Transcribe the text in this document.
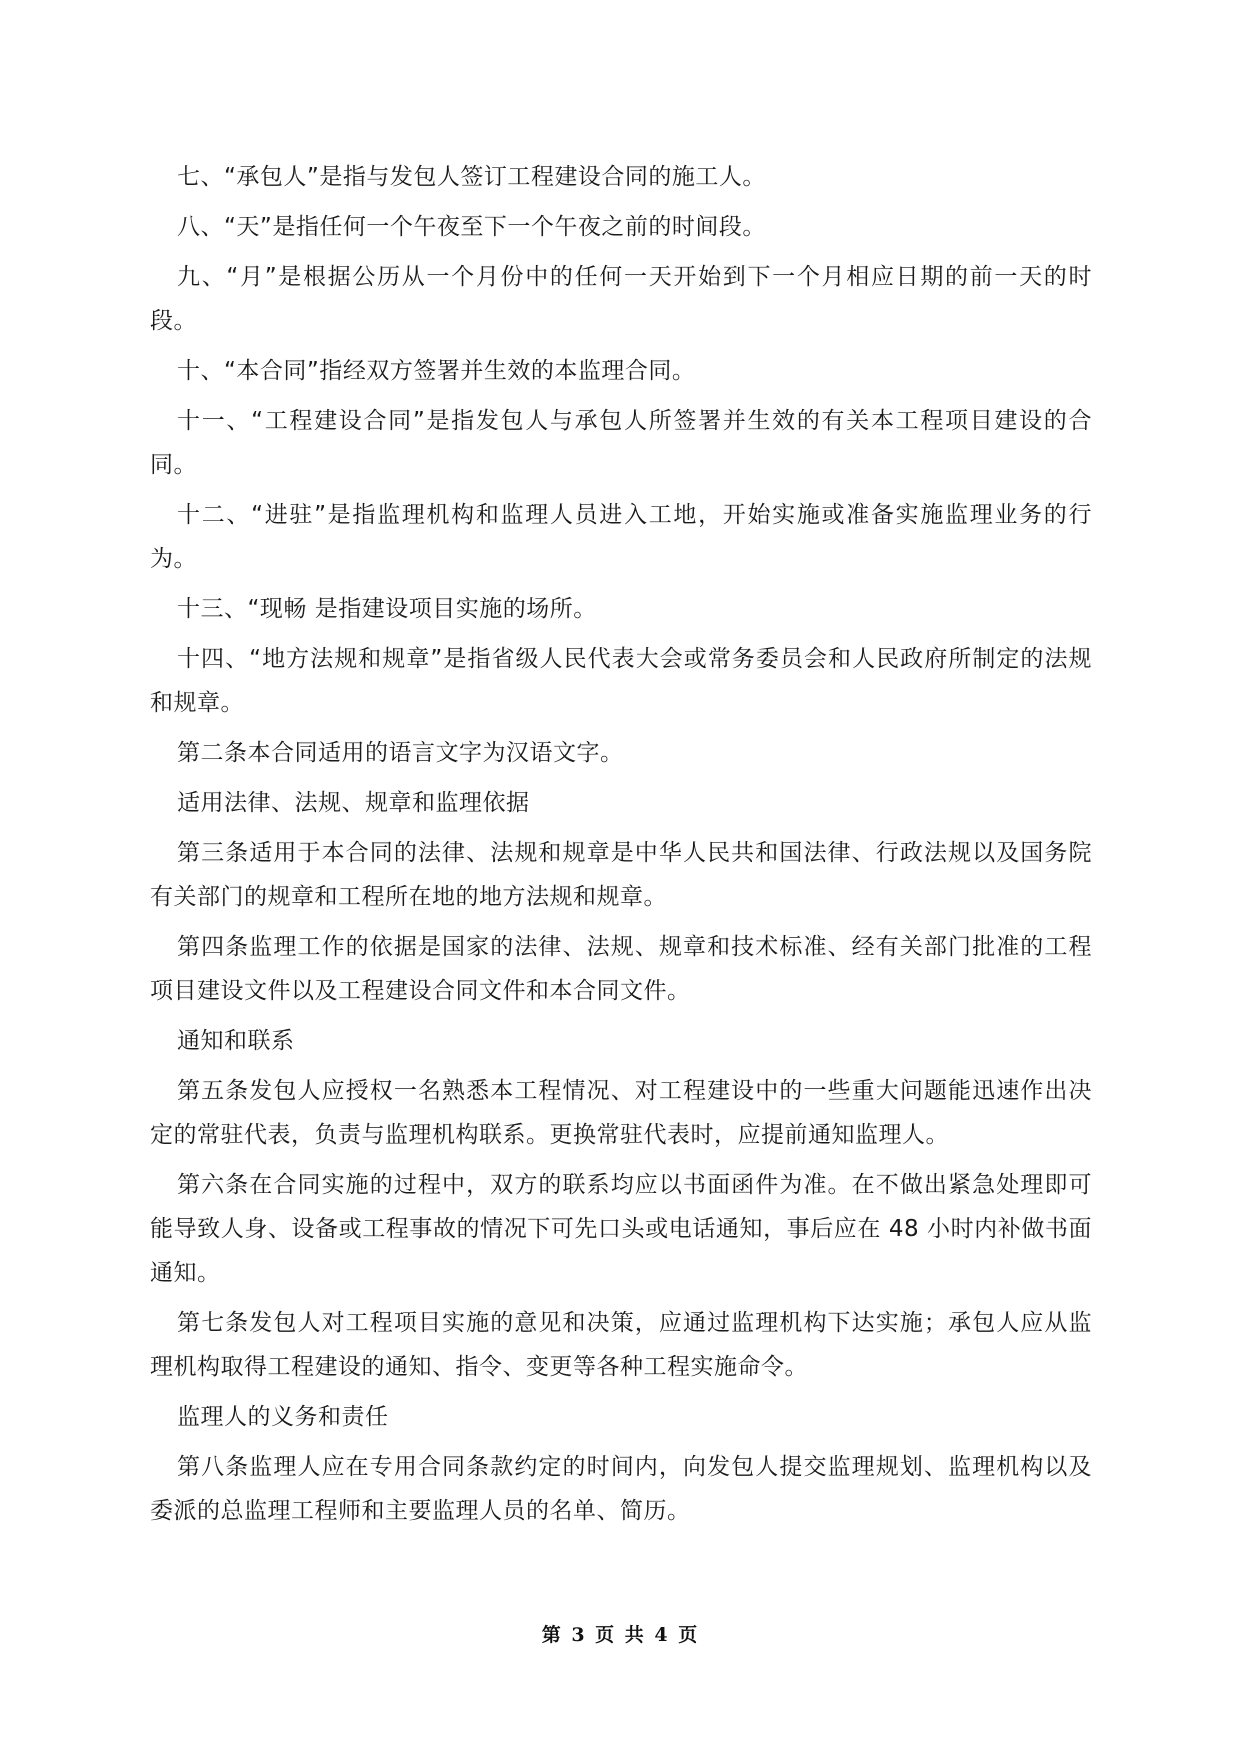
七、“承包人”是指与发包人签订工程建设合同的施工人。

八、“天”是指任何一个午夜至下一个午夜之前的时间段。

九、“月”是根据公历从一个月份中的任何一天开始到下一个月相应日期的前一天的时段。

十、“本合同”指经双方签署并生效的本监理合同。

十一、“工程建设合同”是指发包人与承包人所签署并生效的有关本工程项目建设的合同。

十二、“进驻”是指监理机构和监理人员进入工地，开始实施或准备实施监理业务的行为。

十三、“现畅 是指建设项目实施的场所。

十四、“地方法规和规章”是指省级人民代表大会或常务委员会和人民政府所制定的法规和规章。

第二条本合同适用的语言文字为汉语文字。

适用法律、法规、规章和监理依据

第三条适用于本合同的法律、法规和规章是中华人民共和国法律、行政法规以及国务院有关部门的规章和工程所在地的地方法规和规章。

第四条监理工作的依据是国家的法律、法规、规章和技术标准、经有关部门批准的工程项目建设文件以及工程建设合同文件和本合同文件。

通知和联系

第五条发包人应授权一名熟悉本工程情况、对工程建设中的一些重大问题能迅速作出决定的常驻代表，负责与监理机构联系。更换常驻代表时，应提前通知监理人。

第六条在合同实施的过程中，双方的联系均应以书面函件为准。在不做出紧急处理即可能导致人身、设备或工程事故的情况下可先口头或电话通知，事后应在 48 小时内补做书面通知。

第七条发包人对工程项目实施的意见和决策，应通过监理机构下达实施；承包人应从监理机构取得工程建设的通知、指令、变更等各种工程实施命令。

监理人的义务和责任

第八条监理人应在专用合同条款约定的时间内，向发包人提交监理规划、监理机构以及委派的总监理工程师和主要监理人员的名单、简历。

第 3 页 共 4 页
